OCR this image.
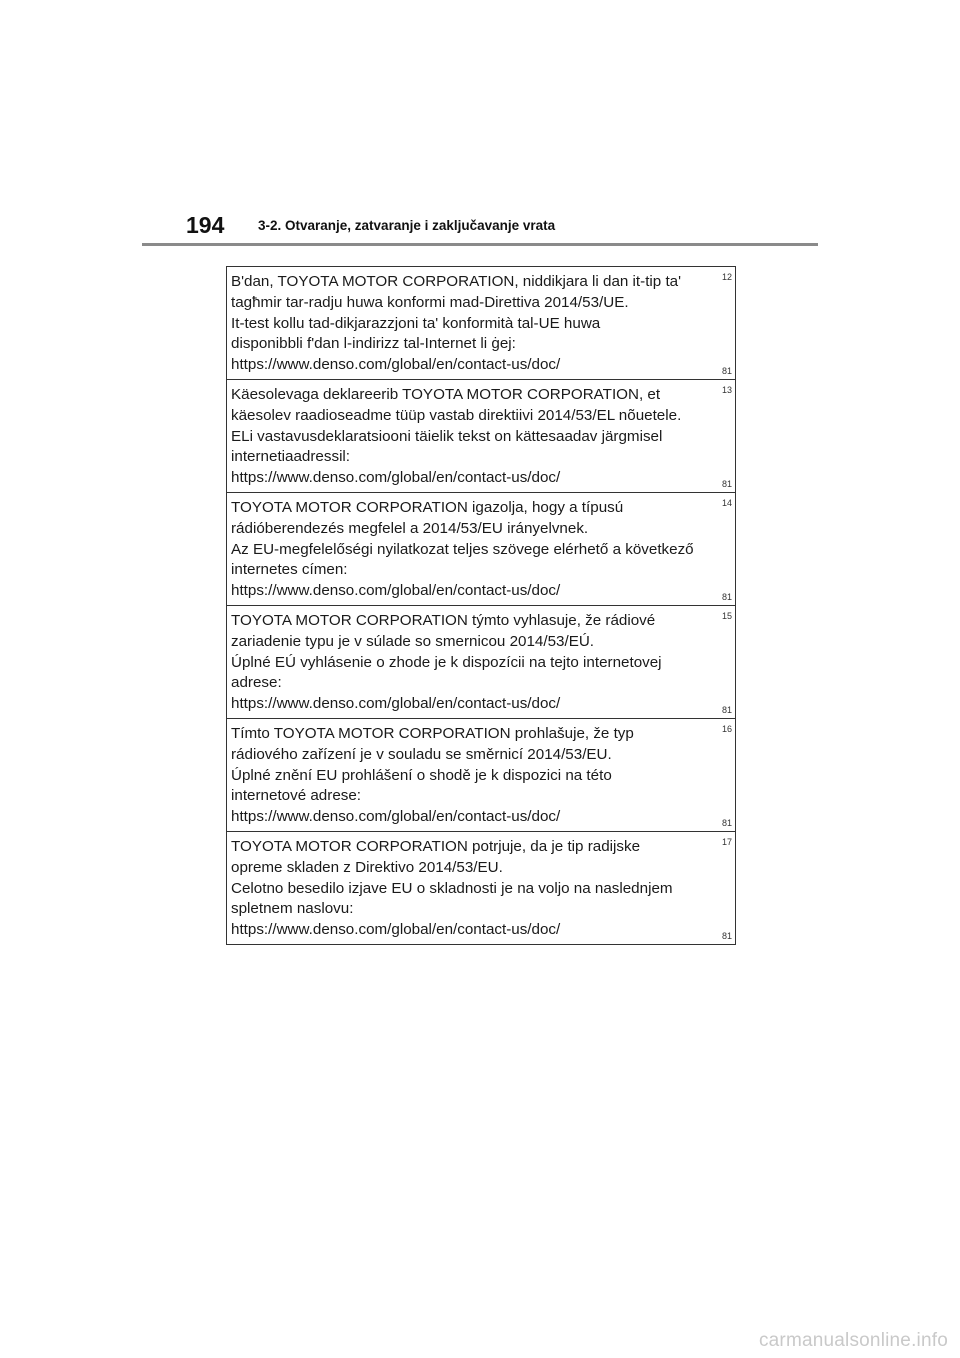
194 3-2. Otvaranje, zatvaranje i zaključavanje vrata
B'dan, TOYOTA MOTOR CORPORATION, niddikjara li dan it-tip ta'
tagħmir tar-radju huwa konformi mad-Direttiva 2014/53/UE.
It-test kollu tad-dikjarazzjoni ta' konformità tal-UE huwa
disponibbli f'dan l-indirizz tal-Internet li ġej:
https://www.denso.com/global/en/contact-us/doc/
12
81
Käesolevaga deklareerib TOYOTA MOTOR CORPORATION, et
käesolev raadioseadme tüüp vastab direktiivi 2014/53/EL nõuetele.
ELi vastavusdeklaratsiooni täielik tekst on kättesaadav järgmisel
internetiaadressil:
https://www.denso.com/global/en/contact-us/doc/
13
81
TOYOTA MOTOR CORPORATION igazolja, hogy a típusú
rádióberendezés megfelel a 2014/53/EU irányelvnek.
Az EU-megfelelőségi nyilatkozat teljes szövege elérhető a következő
internetes címen:
https://www.denso.com/global/en/contact-us/doc/
14
81
TOYOTA MOTOR CORPORATION týmto vyhlasuje, že rádiové
zariadenie typu je v súlade so smernicou 2014/53/EÚ.
Úplné EÚ vyhlásenie o zhode je k dispozícii na tejto internetovej
adrese:
https://www.denso.com/global/en/contact-us/doc/
15
81
Tímto TOYOTA MOTOR CORPORATION prohlašuje, že typ
rádiového zařízení je v souladu se směrnicí 2014/53/EU.
Úplné znění EU prohlášení o shodě je k dispozici na této
internetové adrese:
https://www.denso.com/global/en/contact-us/doc/
16
81
TOYOTA MOTOR CORPORATION potrjuje, da je tip radijske
opreme skladen z Direktivo 2014/53/EU.
Celotno besedilo izjave EU o skladnosti je na voljo na naslednjem
spletnem naslovu:
https://www.denso.com/global/en/contact-us/doc/
17
81
carmanualsonline.info
